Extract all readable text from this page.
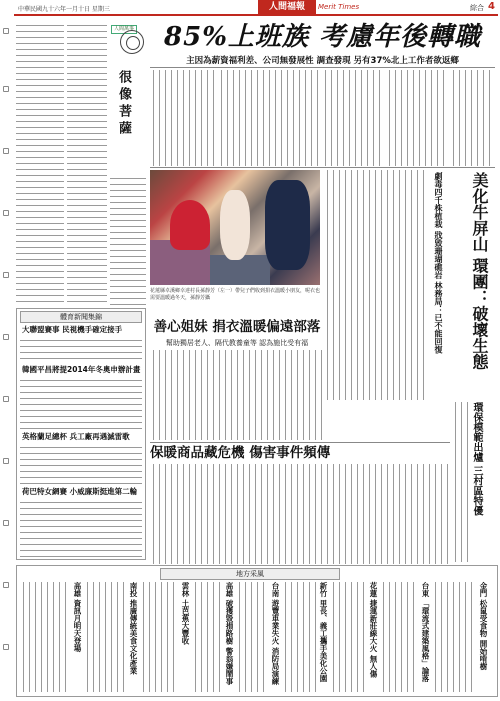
中華民國九十六年一月十日 星期三	人間福報	Merit Times	綜合 4
人間萬事
很像菩薩
體育新聞集錦
大聯盟賽事 民視機手確定接手
韓國平昌將提2014年冬奧申辦計畫
英格蘭足總杯 兵工廠再遇滅雷歌
荷巴特女網賽 小威廉斯挺進第二輪
85%上班族 考慮年後轉職
主因為薪資福利差、公司無發展性 調查發現 另有37%北上工作者欲返鄉
美化牛屏山 環團：破壞生態
劇毒四千株植栽 戕毀珊瑚礁岩 林務局：已不能回復
花蓮縣卓溪鄉幸達村長孫靜芳（左一）帶兒子們收到捐衣溫暖小朋友，呢衣也需要溫暖過冬天，孫靜芳攝
善心姐妹 捐衣溫暖偏遠部落
幫助獨居老人、隔代教養童等 認為施比受有福
保暖商品藏危機 傷害事件頻傳	環保模範出爐 三村區特優
地方采風
金門 松鼠受食物 開始啃樹
台東 「環流式建築風格」論落
花蓮 捷運新莊線大火 無人傷
新竹 里長、義工攜手美化公園
台南 遊覽車業失火 消防局演練
高雄 破獲毀損路樹 警翁嫌鬧事
雲林 土芭蕉大豐收
南投 推廣傳統美食文化產業
高雄 資訊月明天登場
